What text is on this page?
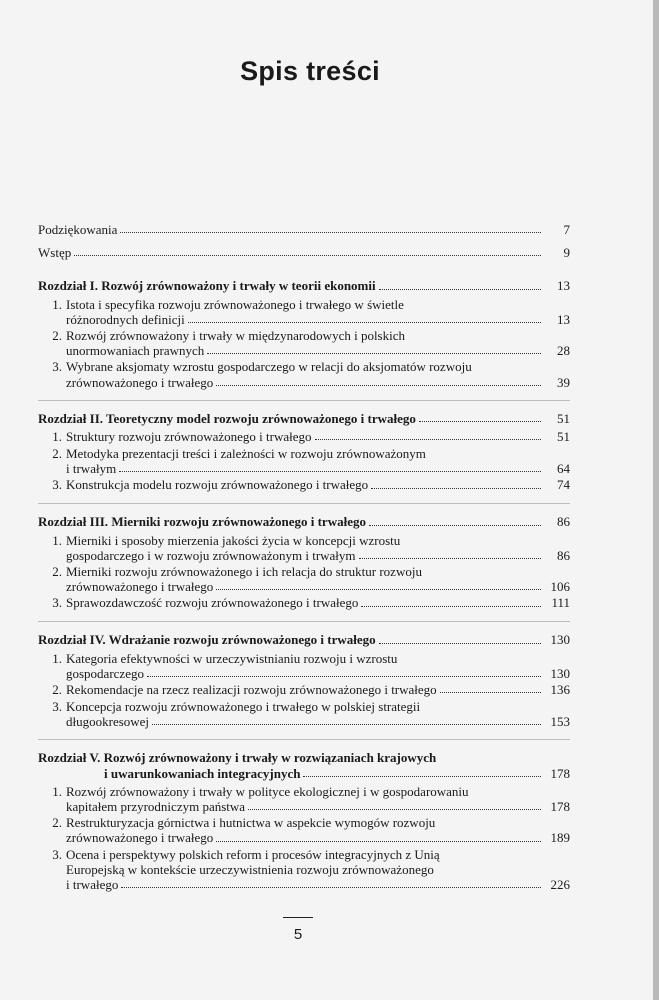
Spis treści
Podziękowania	7
Wstęp	9
Rozdział I. Rozwój zrównoważony i trwały w teorii ekonomii	13
1. Istota i specyfika rozwoju zrównoważonego i trwałego w świetle
różnorodnych definicji	13
2. Rozwój zrównoważony i trwały w międzynarodowych i polskich
unormowaniach prawnych	28
3. Wybrane aksjomaty wzrostu gospodarczego w relacji do aksjomatów rozwoju
zrównoważonego i trwałego	39
Rozdział II. Teoretyczny model rozwoju zrównoważonego i trwałego	51
1. Struktury rozwoju zrównoważonego i trwałego	51
2. Metodyka prezentacji treści i zależności w rozwoju zrównoważonym
i trwałym	64
3. Konstrukcja modelu rozwoju zrównoważonego i trwałego	74
Rozdział III. Mierniki rozwoju zrównoważonego i trwałego	86
1. Mierniki i sposoby mierzenia jakości życia w koncepcji wzrostu
gospodarczego i w rozwoju zrównoważonym i trwałym	86
2. Mierniki rozwoju zrównoważonego i ich relacja do struktur rozwoju
zrównoważonego i trwałego	106
3. Sprawozdawczość rozwoju zrównoważonego i trwałego	111
Rozdział IV. Wdrażanie rozwoju zrównoważonego i trwałego	130
1. Kategoria efektywności w urzeczywistnianiu rozwoju i wzrostu
gospodarczego	130
2. Rekomendacje na rzecz realizacji rozwoju zrównoważonego i trwałego	136
3. Koncepcja rozwoju zrównoważonego i trwałego w polskiej strategii
długookresowej	153
Rozdział V. Rozwój zrównoważony i trwały w rozwiązaniach krajowych
i uwarunkowaniach integracyjnych	178
1. Rozwój zrównoważony i trwały w polityce ekologicznej i w gospodarowaniu
kapitałem przyrodniczym państwa	178
2. Restrukturyzacja górnictwa i hutnictwa w aspekcie wymogów rozwoju
zrównoważonego i trwałego	189
3. Ocena i perspektywy polskich reform i procesów integracyjnych z Unią
Europejską w kontekście urzeczywistnienia rozwoju zrównoważonego
i trwałego	226
5
